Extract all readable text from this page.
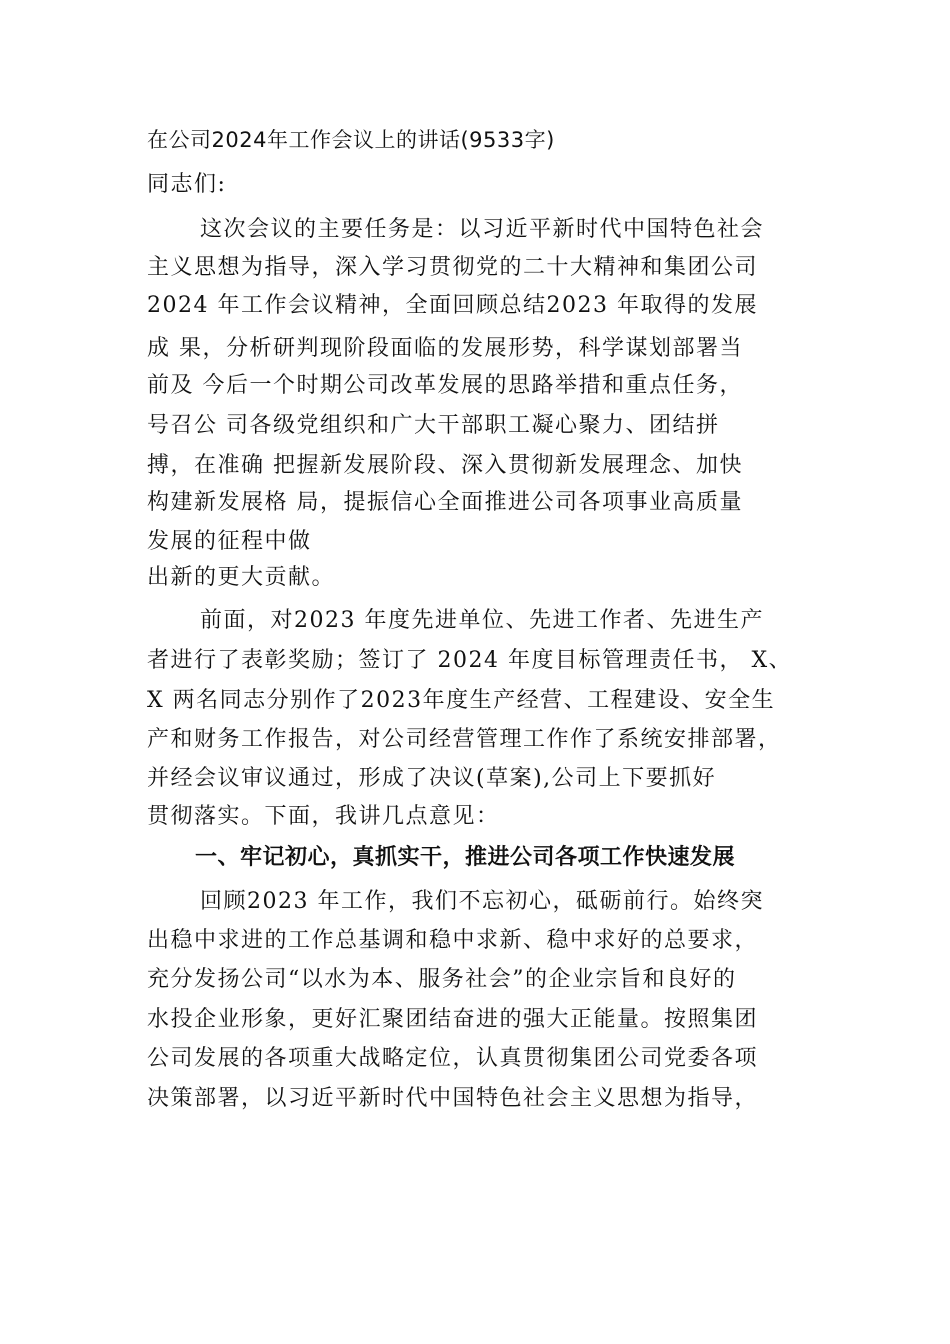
在公司2024年工作会议上的讲话(9533字)
同志们:
这次会议的主要任务是：以习近平新时代中国特色社会
主义思想为指导，深入学习贯彻党的二十大精神和集团公司
2024 年工作会议精神，全面回顾总结2023 年取得的发展
成 果，分析研判现阶段面临的发展形势，科学谋划部署当
前及 今后一个时期公司改革发展的思路举措和重点任务，
号召公 司各级党组织和广大干部职工凝心聚力、团结拼
搏，在准确 把握新发展阶段、深入贯彻新发展理念、加快
构建新发展格 局，提振信心全面推进公司各项事业高质量
发展的征程中做
出新的更大贡献。
前面，对2023 年度先进单位、先进工作者、先进生产
者进行了表彰奖励；签订了 2024 年度目标管理责任书， X、
X 两名同志分别作了2023年度生产经营、工程建设、安全生
产和财务工作报告，对公司经营管理工作作了系统安排部署，
并经会议审议通过，形成了决议(草案),公司上下要抓好
贯彻落实。下面，我讲几点意见：
一、牢记初心，真抓实干，推进公司各项工作快速发展
回顾2023 年工作，我们不忘初心，砥砺前行。始终突
出稳中求进的工作总基调和稳中求新、稳中求好的总要求，
充分发扬公司“以水为本、服务社会”的企业宗旨和良好的
水投企业形象，更好汇聚团结奋进的强大正能量。按照集团
公司发展的各项重大战略定位，认真贯彻集团公司党委各项
决策部署，以习近平新时代中国特色社会主义思想为指导，
